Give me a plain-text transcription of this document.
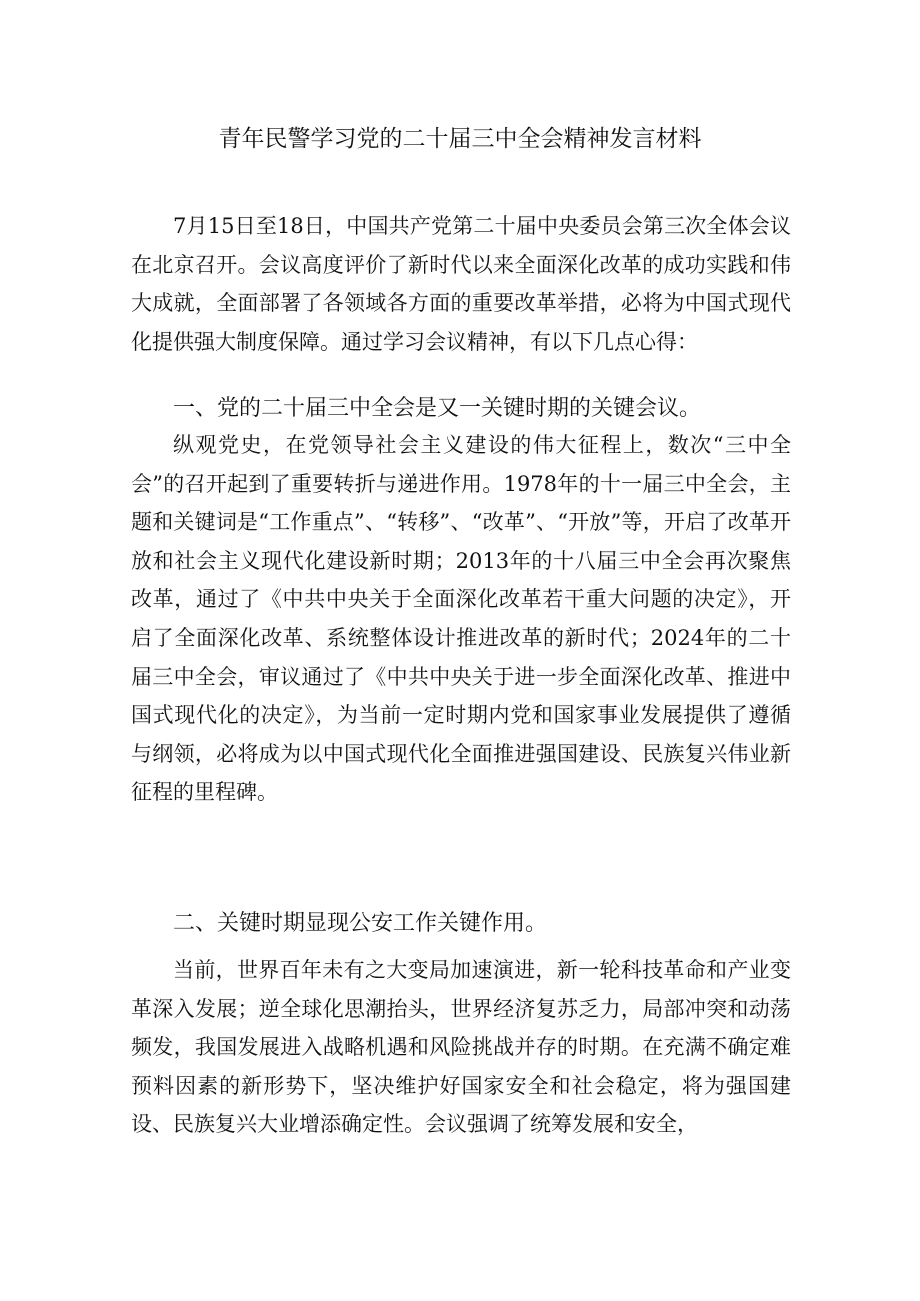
青年民警学习党的二十届三中全会精神发言材料

7月15日至18日，中国共产党第二十届中央委员会第三次全体会议在北京召开。会议高度评价了新时代以来全面深化改革的成功实践和伟大成就，全面部署了各领域各方面的重要改革举措，必将为中国式现代化提供强大制度保障。通过学习会议精神，有以下几点心得：

一、党的二十届三中全会是又一关键时期的关键会议。

纵观党史，在党领导社会主义建设的伟大征程上，数次“三中全会”的召开起到了重要转折与递进作用。1978年的十一届三中全会，主题和关键词是“工作重点”、“转移”、“改革”、“开放”等，开启了改革开放和社会主义现代化建设新时期；2013年的十八届三中全会再次聚焦改革，通过了《中共中央关于全面深化改革若干重大问题的决定》，开启了全面深化改革、系统整体设计推进改革的新时代；2024年的二十届三中全会，审议通过了《中共中央关于进一步全面深化改革、推进中国式现代化的决定》，为当前一定时期内党和国家事业发展提供了遵循与纲领，必将成为以中国式现代化全面推进强国建设、民族复兴伟业新征程的里程碑。

二、关键时期显现公安工作关键作用。

当前，世界百年未有之大变局加速演进，新一轮科技革命和产业变革深入发展；逆全球化思潮抬头，世界经济复苏乏力，局部冲突和动荡频发，我国发展进入战略机遇和风险挑战并存的时期。在充满不确定难预料因素的新形势下，坚决维护好国家安全和社会稳定，将为强国建设、民族复兴大业增添确定性。会议强调了统筹发展和安全，
